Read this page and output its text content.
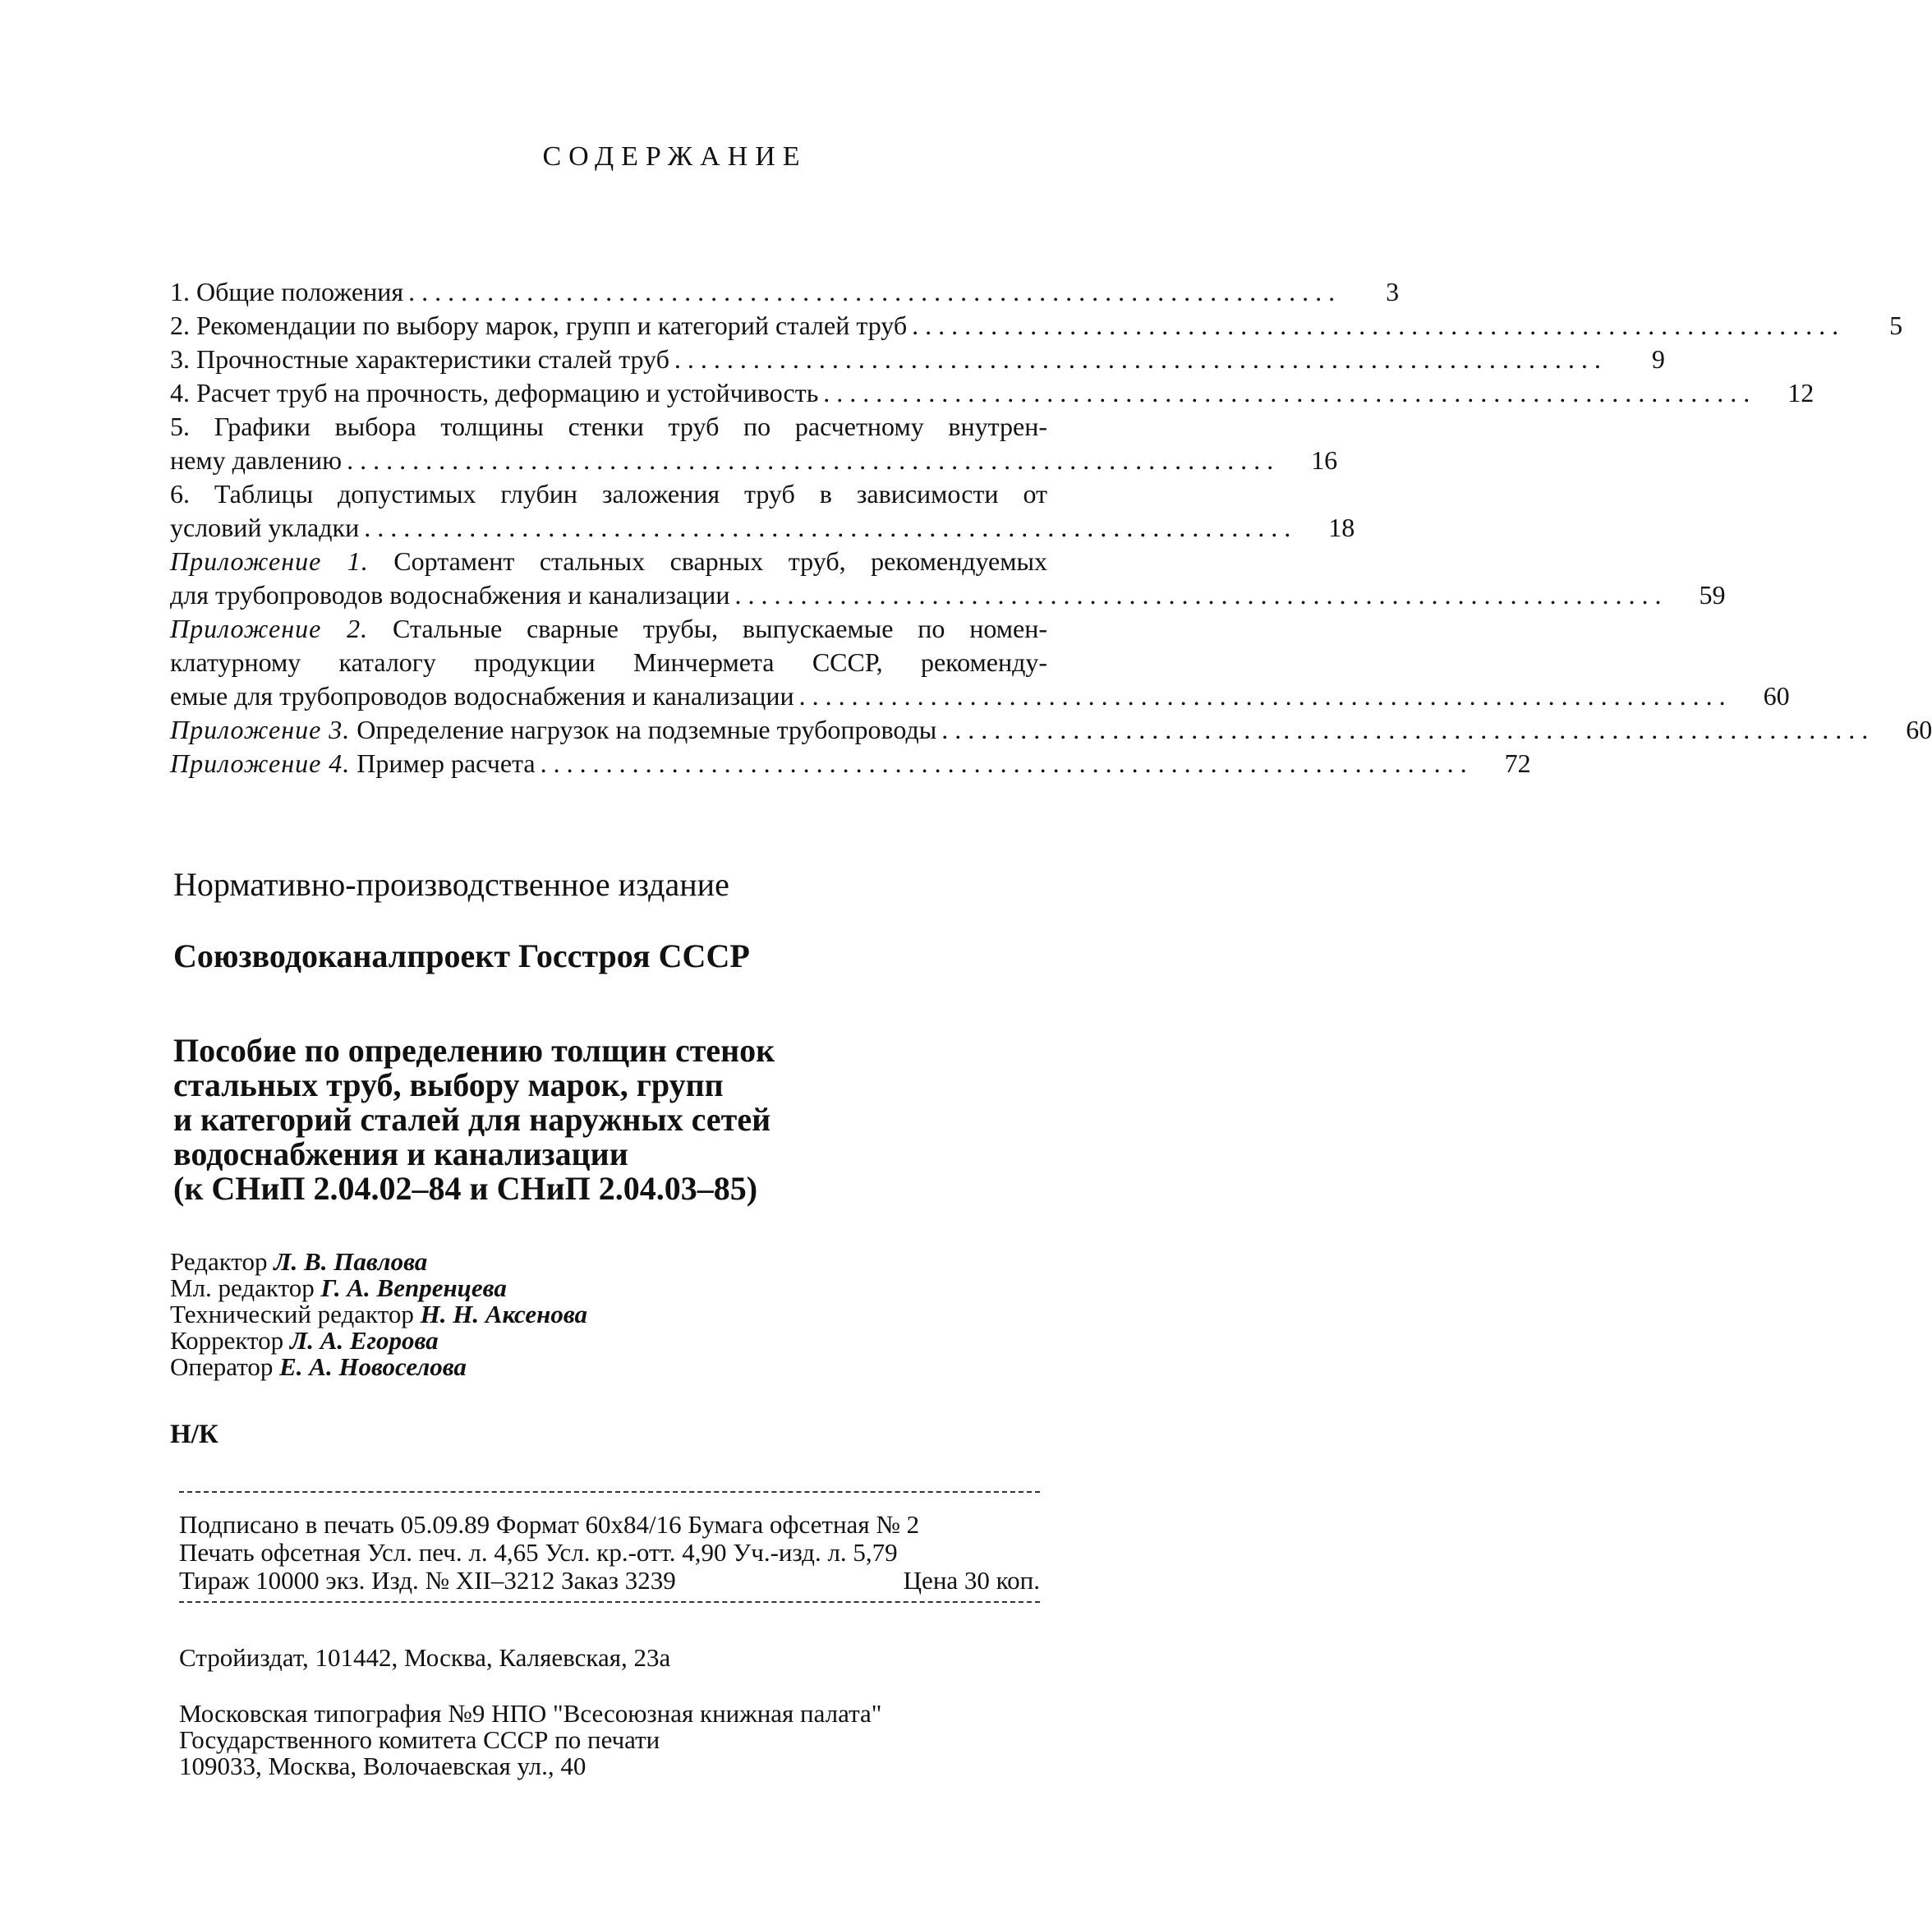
СОДЕРЖАНИЕ
1. Общие положения .......................................................................	3
2. Рекомендации по выбору марок, групп и категорий сталей труб .......................................................................	5
3. Прочностные характеристики сталей труб .......................................................................	9
4. Расчет труб на прочность, деформацию и устойчивость .......................................................................	12
5. Графики выбора толщины стенки труб по расчетному внутрен-
нему давлению .......................................................................	16
6. Таблицы допустимых глубин заложения труб в зависимости от
условий укладки .......................................................................	18
Приложение 1. Сортамент стальных сварных труб, рекомендуемых
для трубопроводов водоснабжения и канализации .......................................................................	59
Приложение 2. Стальные сварные трубы, выпускаемые по номен-
клатурному каталогу продукции Минчермета СССР, рекоменду-
емые для трубопроводов водоснабжения и канализации .......................................................................	60
Приложение 3. Определение нагрузок на подземные трубопроводы .......................................................................	60
Приложение 4. Пример расчета .......................................................................	72
Нормативно-производственное издание
Союзводоканалпроект Госстроя СССР
Пособие по определению толщин стенок
стальных труб, выбору марок, групп
и категорий сталей для наружных сетей
водоснабжения и канализации
(к СНиП 2.04.02–84 и СНиП 2.04.03–85)
Редактор Л. В. Павлова
Мл. редактор Г. А. Вепренцева
Технический редактор Н. Н. Аксенова
Корректор Л. А. Егорова
Оператор Е. А. Новоселова
Н/К
Подписано в печать 05.09.89 Формат 60х84/16 Бумага офсетная № 2
Печать офсетная Усл. печ. л. 4,65 Усл. кр.-отт. 4,90 Уч.-изд. л. 5,79
Тираж 10000 экз. Изд. № XII–3212 Заказ 3239	Цена 30 коп.
Стройиздат, 101442, Москва, Каляевская, 23а
Московская типография №9 НПО "Всесоюзная книжная палата"
Государственного комитета СССР по печати
109033, Москва, Волочаевская ул., 40
